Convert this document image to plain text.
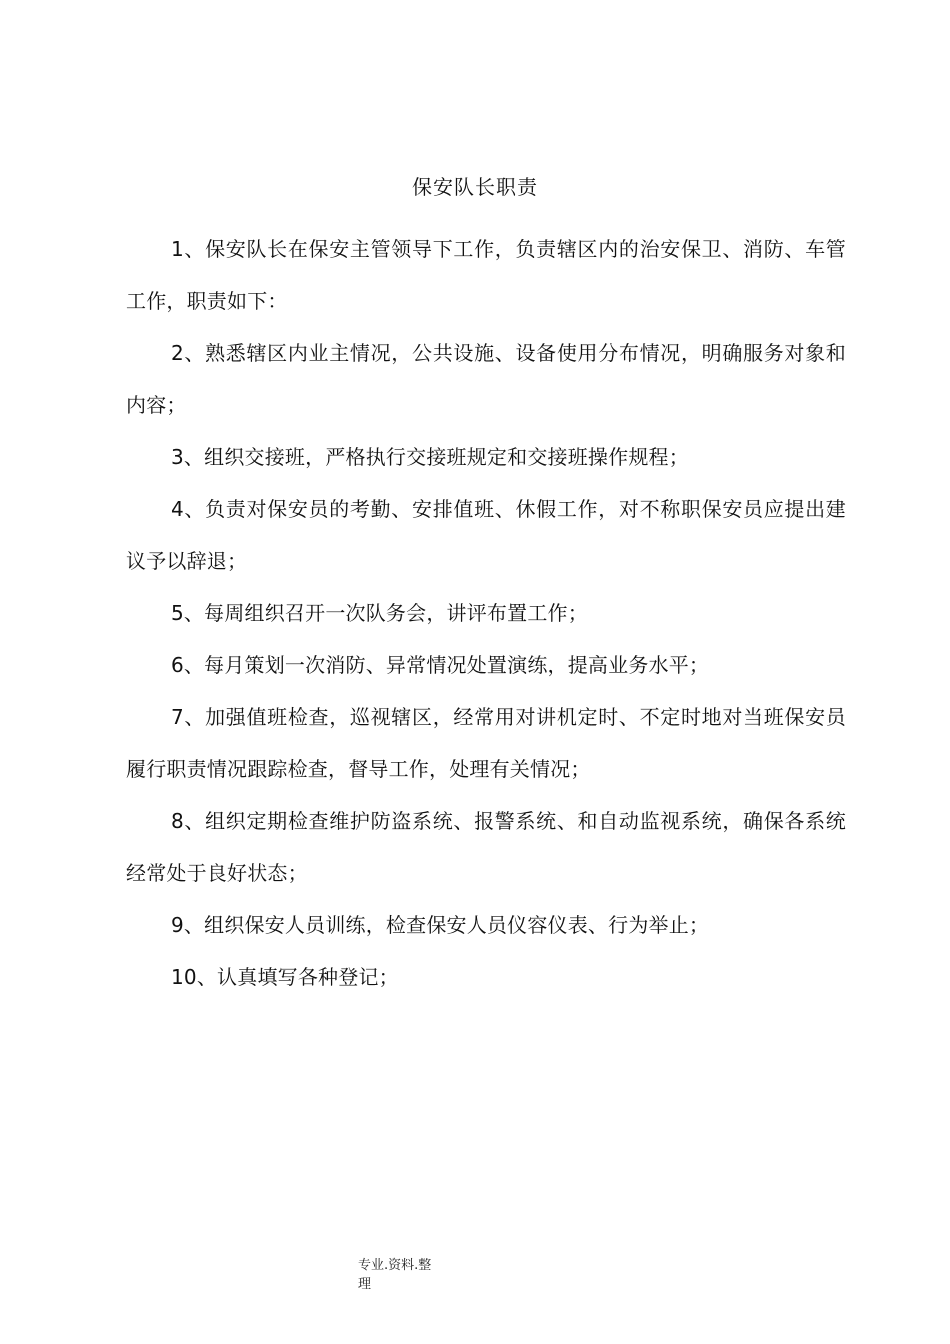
保安队长职责

1、保安队长在保安主管领导下工作，负责辖区内的治安保卫、消防、车管工作，职责如下：

2、熟悉辖区内业主情况，公共设施、设备使用分布情况，明确服务对象和内容；

3、组织交接班，严格执行交接班规定和交接班操作规程；

4、负责对保安员的考勤、安排值班、休假工作，对不称职保安员应提出建议予以辞退；

5、每周组织召开一次队务会，讲评布置工作；

6、每月策划一次消防、异常情况处置演练，提高业务水平；

7、加强值班检查，巡视辖区，经常用对讲机定时、不定时地对当班保安员履行职责情况跟踪检查，督导工作，处理有关情况；

8、组织定期检查维护防盗系统、报警系统、和自动监视系统，确保各系统经常处于良好状态；

9、组织保安人员训练，检查保安人员仪容仪表、行为举止；

10、认真填写各种登记；

专业.资料.整理
